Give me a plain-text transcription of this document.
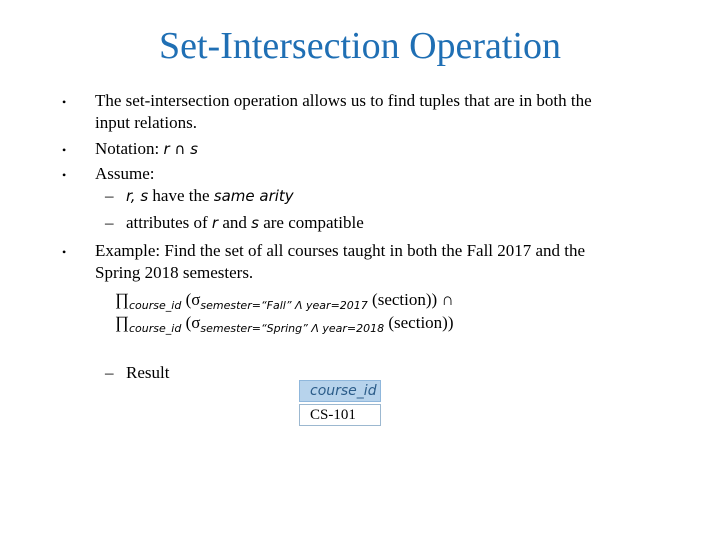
Set-Intersection Operation
• The set-intersection operation allows us to find tuples that are in both the
input relations.
• Notation: r ∩ s
• Assume:
– r, s have the same arity
– attributes of r and s are compatible
• Example: Find the set of all courses taught in both the Fall 2017 and the
Spring 2018 semesters.
$\prod_{course\_id}$ ($\sigma_{semester=“Fall” \Lambda year=2017}$ (section)) ∩
$\prod_{course\_id}$ ($\sigma_{semester=“Spring” \Lambda year=2018}$ (section))
– Result
course_id
CS-101
